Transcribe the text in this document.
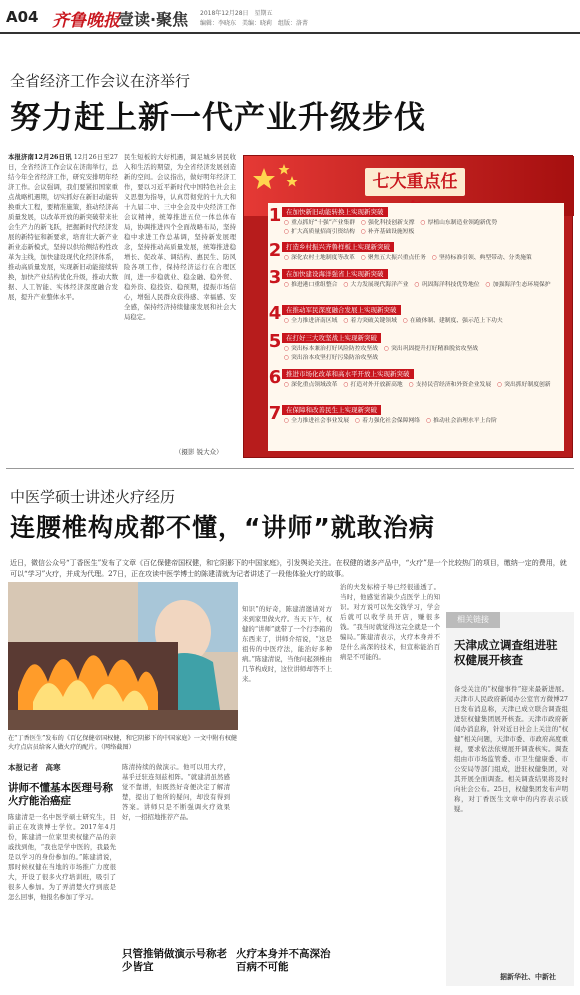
A04 齐鲁晚报
壹读·聚焦 2018年12月28日　星期五
编辑：李晓东　美编：晓莉　组版：洛菁
全省经济工作会议在济举行
努力赶上新一代产业升级步伐
本报济南12月26日讯 12月26日至27日，全省经济工作会议在济南举行，总结今年全省经济工作，研究安排明年经济工作。会议强调，我们要紧扣国家重点战略机遇期，切实抓好在新旧动能转换重大工程，要精准施策，推动经济高质量发展，以改革开放的新突破带来社会生产力的新飞跃，把握新时代经济发展的新特征和新要求，培育壮大新产业新业态新模式，坚持以供给侧结构性改革为主线，加快建设现代化经济体系，推动高质量发展，实现新旧动能接续转换，加快产业结构优化升级，推动大数据、人工智能、实体经济深度融合发展，提升产业整体水平。
民生短板的大好机遇，调足城乡居民收入和生活的期望，为全省经济发展创造新的空间。会议指出，做好明年经济工作，要以习近平新时代中国特色社会主义思想为指导，认真贯彻党的十九大和十九届二中、三中全会及中央经济工作会议精神，统筹推进五位一体总体布局，协调推进四个全面战略布局，坚持稳中求进工作总基调，坚持新发展理念，坚持推动高质量发展，统筹推进稳增长、促改革、调结构、惠民生、防风险各项工作，保持经济运行在合理区间，进一步稳就业、稳金融、稳外贸、稳外资、稳投资、稳预期，提振市场信心，增强人民群众获得感、幸福感、安全感，保持经济持续健康发展和社会大局稳定。
（摄影 锐大众）
七大重点任
1 在加快新旧动能转换上实现新突破
○ 重点抓好“十强”产业集群 ○ 强化科技创新支撑 ○ 厚植山东制造业领跑新优势○ 扩大高质量招商引资结构 ○ 补齐基础设施短板
2 打造乡村振兴齐鲁样板上实现新突破
○ 深化农村土地制度等改革 ○ 聚焦五大振兴重点任务 ○ 坚持标准引领、典型带动、分类施策
3 在加快建设海洋强省上实现新突破
○ 推进港口重组整合 ○ 大力发展现代海洋产业 ○ 巩固海洋科技优势地位 ○ 加强海洋生态环境保护
4 在推动军民深度融合发展上实现新突破
○ 全力推进济南区域 ○ 着力突破关键领域 ○ 在破体制、建制度、强示范上下功夫
5 在打好三大攻坚战上实现新突破
○ 突出标本兼治打好风险防控攻坚战 ○ 突出巩固提升打好精准脱贫攻坚战○ 突出治本攻坚打好污染防治攻坚战
6 推进市场化改革和高水平开放上实现新突破
○ 深化重点领域改革 ○ 打造对外开放新高地 ○ 支持民营经济和外资企业发展 ○ 突出抓好制度创新
7 在保障和改善民生上实现新突破
○ 全力推进社会事业发展 ○ 着力强化社会保障网络 ○ 推动社会治理水平上台阶
中医学硕士讲述火疗经历
连腰椎构成都不懂，“讲师”就敢治病
近日，微信公众号“丁香医生”发布了文章《百亿保健帝国权健，和它阴影下的中国家庭》，引发舆论关注。在权健的诸多产品中，“火疗”是一个比较热门的项目，缴纳一定的费用，就可以“学习”火疗，并成为代理。27日，正在攻读中医学博士的陈建清就为记者讲述了一段他体验火疗的故事。
在“丁香医生”发布的《百亿保健帝国权健，和它阴影下的中国家庭》一文中附有权健火疗点店员给客人做火疗的配片。（网络截图）
本报记者　高寒
讲师不懂基本医理号称火疗能治癌症
陈建清是一名中医学硕士研究生，目前正在攻读博士学位。2017年4月份，陈建清一位家里卖权健产品的亲戚找到他，“我也是学中医的，我最先是以学习的身份参加的。”陈建清说，那时候权健在当地的市场推广力度很大，开设了很多火疗培训班，吸引了很多人参加。为了弄清楚火疗到底是怎么回事，他报名参加了学习。
陈清持续的做演示。他可以用大疗，基乎迁驻连刻兹相阵。“就建清虽然感觉不靠谱，但既然好奇便决定了解清楚，提出了他所的疑问，却没有得到答案。讲师只是不断强调火疗效果好，一招招地推荐产品。
只管推销做演示号称老少皆宜
知识”的好奇，陈建清邀请对方来到家里做火疗。当天下午，权健的“讲师”就带了一个行李箱的东西来了，讲师介绍说，“这是祖传的中医疗法，能治好多种病。”陈建清说，当他问起颈椎由几节构成时，这位讲师却答不上来。
火疗本身并不高深治百病不可能
治的夫发标榜子导已经很通透了。当时，他感觉省缺少点医学上的知识。对方说可以先交钱学习，学会后就可以收学员开店，赚很多钱。“我当时就觉得这完全就是一个骗局。”陈建清表示，火疗本身并不是什么高深的技术，但宣称能治百病是不可能的。
相关链接
天津成立调查组进驻权健展开核查
备受关注的“权健事件”迎来最新进展。天津市人民政府新闻办公室官方微博27日发布消息称，天津已成立联合调查组进驻权健集团展开核查。天津市政府新闻办消息称，针对近日社会上关注的“权健”相关问题，天津市委、市政府高度重视，要求依法依规展开调查核实。调查组由市市场监管委、市卫生健康委、市公安局等部门组成，进驻权健集团，对其开展全面调查。相关调查结果将及时向社会公布。25日，权健集团发布声明称，对丁香医生文章中的内容表示质疑。
据新华社、中新社
